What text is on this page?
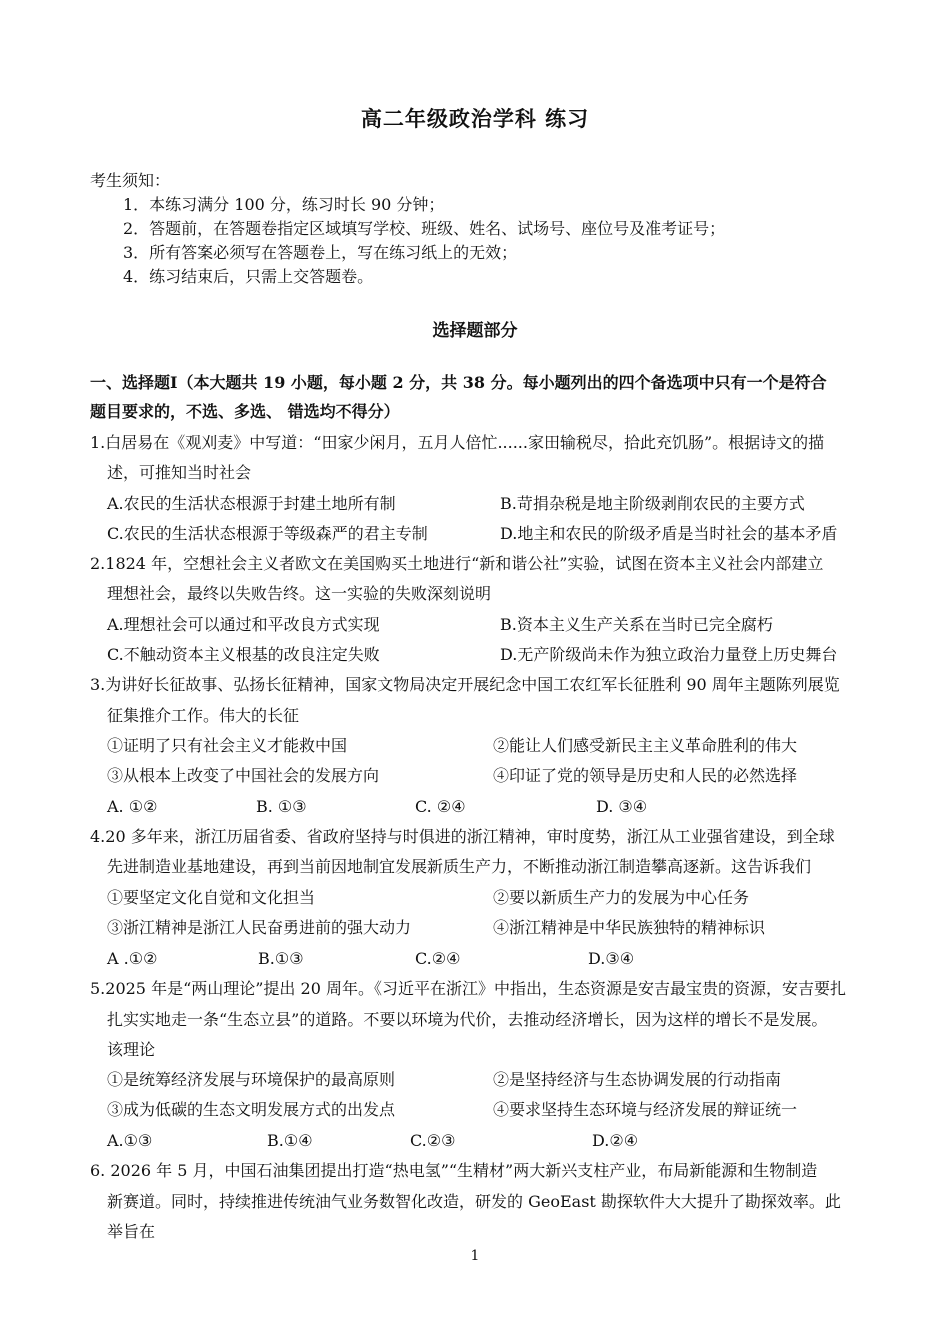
高二年级政治学科 练习
考生须知：
1．本练习满分 100 分，练习时长 90 分钟；
2．答题前，在答题卷指定区域填写学校、班级、姓名、试场号、座位号及准考证号；
3．所有答案必须写在答题卷上，写在练习纸上的无效；
4．练习结束后，只需上交答题卷。
选择题部分
一、选择题Ⅰ（本大题共 19 小题，每小题 2 分，共 38 分。每小题列出的四个备选项中只有一个是符合
题目要求的，不选、多选、 错选均不得分）
1.白居易在《观刈麦》中写道：“田家少闲月，五月人倍忙......家田输税尽，拾此充饥肠”。根据诗文的描
述，可推知当时社会
A.农民的生活状态根源于封建土地所有制	B.苛捐杂税是地主阶级剥削农民的主要方式
C.农民的生活状态根源于等级森严的君主专制	D.地主和农民的阶级矛盾是当时社会的基本矛盾
2.1824 年，空想社会主义者欧文在美国购买土地进行“新和谐公社”实验，试图在资本主义社会内部建立
理想社会，最终以失败告终。这一实验的失败深刻说明
A.理想社会可以通过和平改良方式实现	B.资本主义生产关系在当时已完全腐朽
C.不触动资本主义根基的改良注定失败	D.无产阶级尚未作为独立政治力量登上历史舞台
3.为讲好长征故事、弘扬长征精神，国家文物局决定开展纪念中国工农红军长征胜利 90 周年主题陈列展览
征集推介工作。伟大的长征
①证明了只有社会主义才能救中国	②能让人们感受新民主主义革命胜利的伟大
③从根本上改变了中国社会的发展方向	④印证了党的领导是历史和人民的必然选择
A. ①②	B. ①③	C. ②④	D. ③④
4.20 多年来，浙江历届省委、省政府坚持与时俱进的浙江精神，审时度势，浙江从工业强省建设，到全球
先进制造业基地建设，再到当前因地制宜发展新质生产力，不断推动浙江制造攀高逐新。这告诉我们
①要坚定文化自觉和文化担当	②要以新质生产力的发展为中心任务
③浙江精神是浙江人民奋勇进前的强大动力	④浙江精神是中华民族独特的精神标识
A .①②	B.①③	C.②④	D.③④
5.2025 年是“两山理论”提出 20 周年。《习近平在浙江》中指出，生态资源是安吉最宝贵的资源，安吉要扎
扎实实地走一条“生态立县”的道路。不要以环境为代价，去推动经济增长，因为这样的增长不是发展。
该理论
①是统筹经济发展与环境保护的最高原则	②是坚持经济与生态协调发展的行动指南
③成为低碳的生态文明发展方式的出发点	④要求坚持生态环境与经济发展的辩证统一
A.①③	B.①④	C.②③	D.②④
6. 2026 年 5 月，中国石油集团提出打造“热电氢”“生精材”两大新兴支柱产业，布局新能源和生物制造
新赛道。同时，持续推进传统油气业务数智化改造，研发的 GeoEast 勘探软件大大提升了勘探效率。此
举旨在
1
